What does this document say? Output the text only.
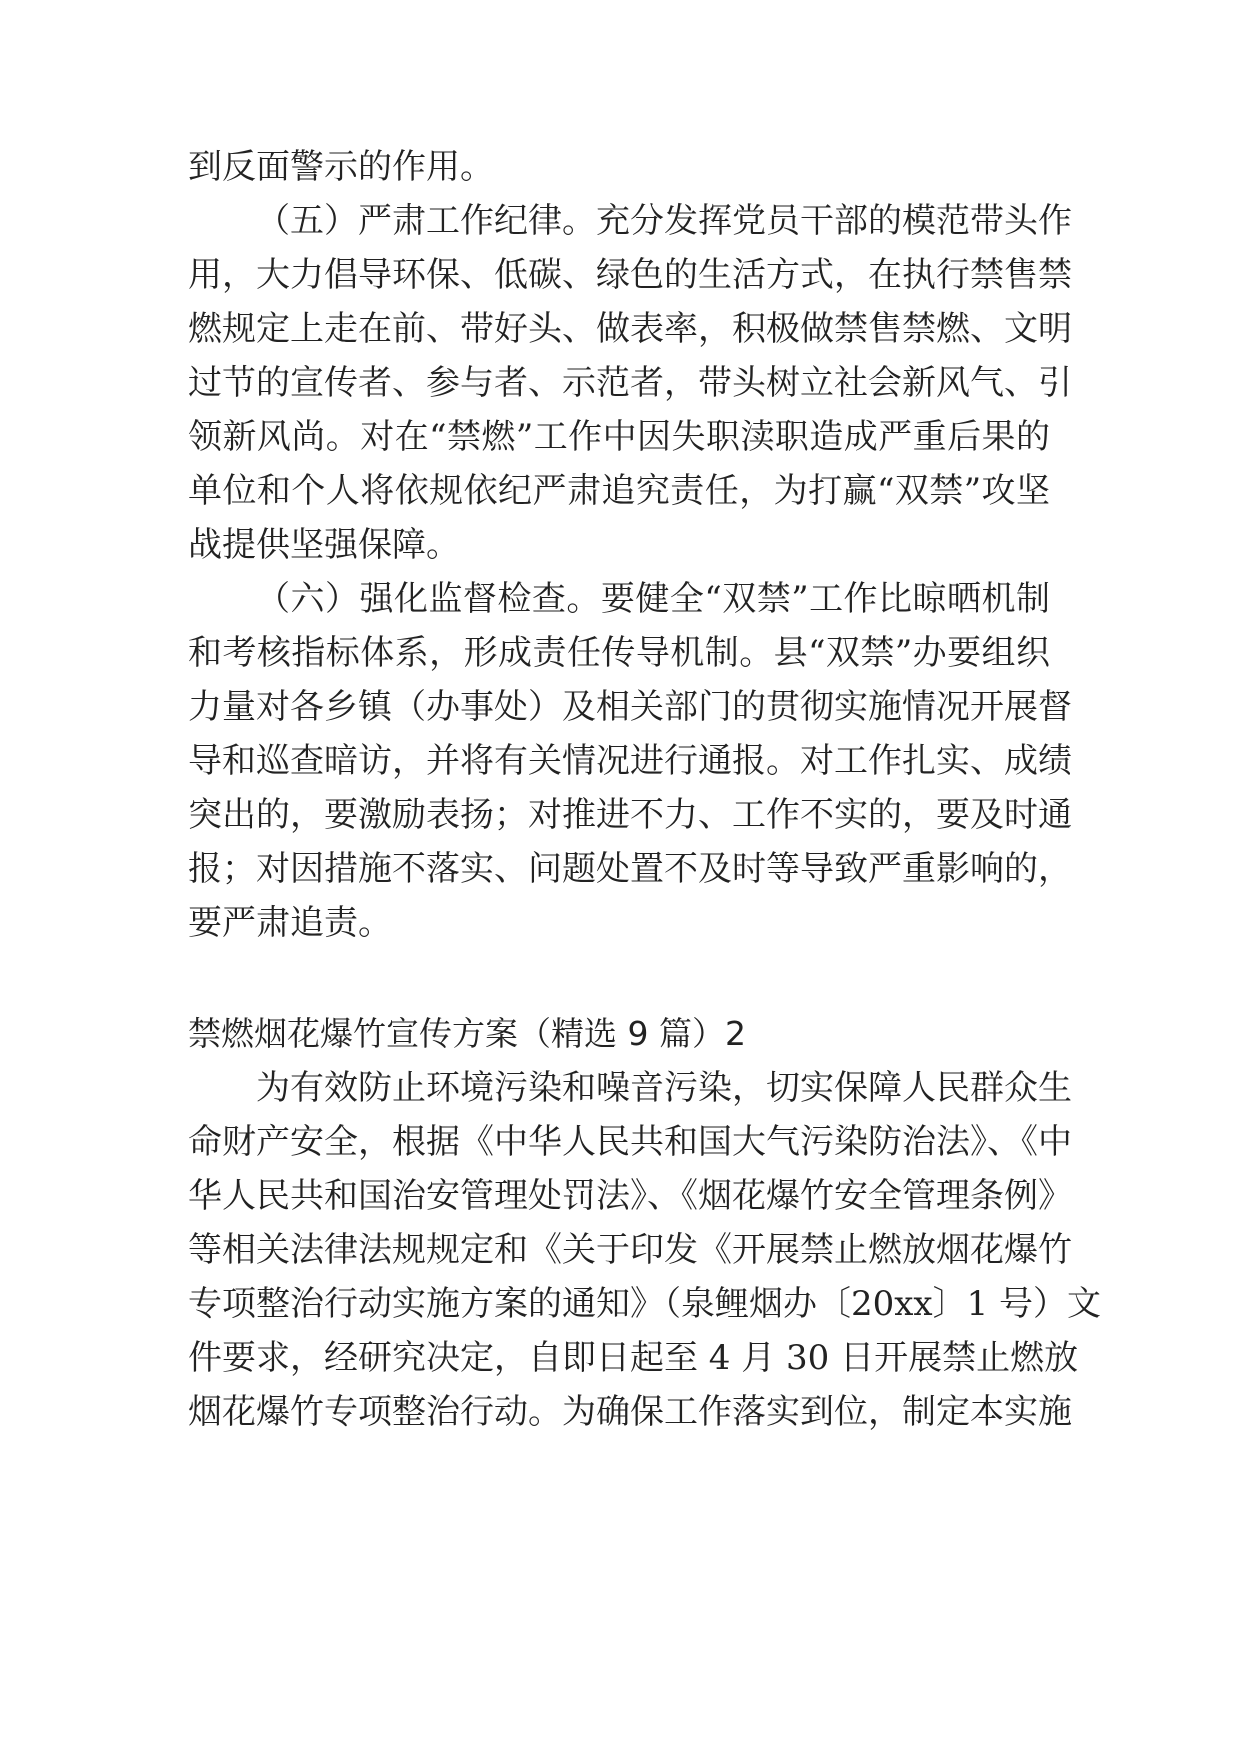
到反面警示的作用。
（五）严肃工作纪律。充分发挥党员干部的模范带头作
用，大力倡导环保、低碳、绿色的生活方式，在执行禁售禁
燃规定上走在前、带好头、做表率，积极做禁售禁燃、文明
过节的宣传者、参与者、示范者，带头树立社会新风气、引
领新风尚。对在“禁燃”工作中因失职渎职造成严重后果的
单位和个人将依规依纪严肃追究责任，为打赢“双禁”攻坚
战提供坚强保障。
（六）强化监督检查。要健全“双禁”工作比晾晒机制
和考核指标体系，形成责任传导机制。县“双禁”办要组织
力量对各乡镇（办事处）及相关部门的贯彻实施情况开展督
导和巡查暗访，并将有关情况进行通报。对工作扎实、成绩
突出的，要激励表扬；对推进不力、工作不实的，要及时通
报；对因措施不落实、问题处置不及时等导致严重影响的，
要严肃追责。
禁燃烟花爆竹宣传方案（精选 9 篇）2
为有效防止环境污染和噪音污染，切实保障人民群众生
命财产安全，根据《中华人民共和国大气污染防治法》、《中
华人民共和国治安管理处罚法》、《烟花爆竹安全管理条例》
等相关法律法规规定和《关于印发《开展禁止燃放烟花爆竹
专项整治行动实施方案的通知》（泉鲤烟办〔20xx〕1 号）文
件要求，经研究决定，自即日起至 4 月 30 日开展禁止燃放
烟花爆竹专项整治行动。为确保工作落实到位，制定本实施
